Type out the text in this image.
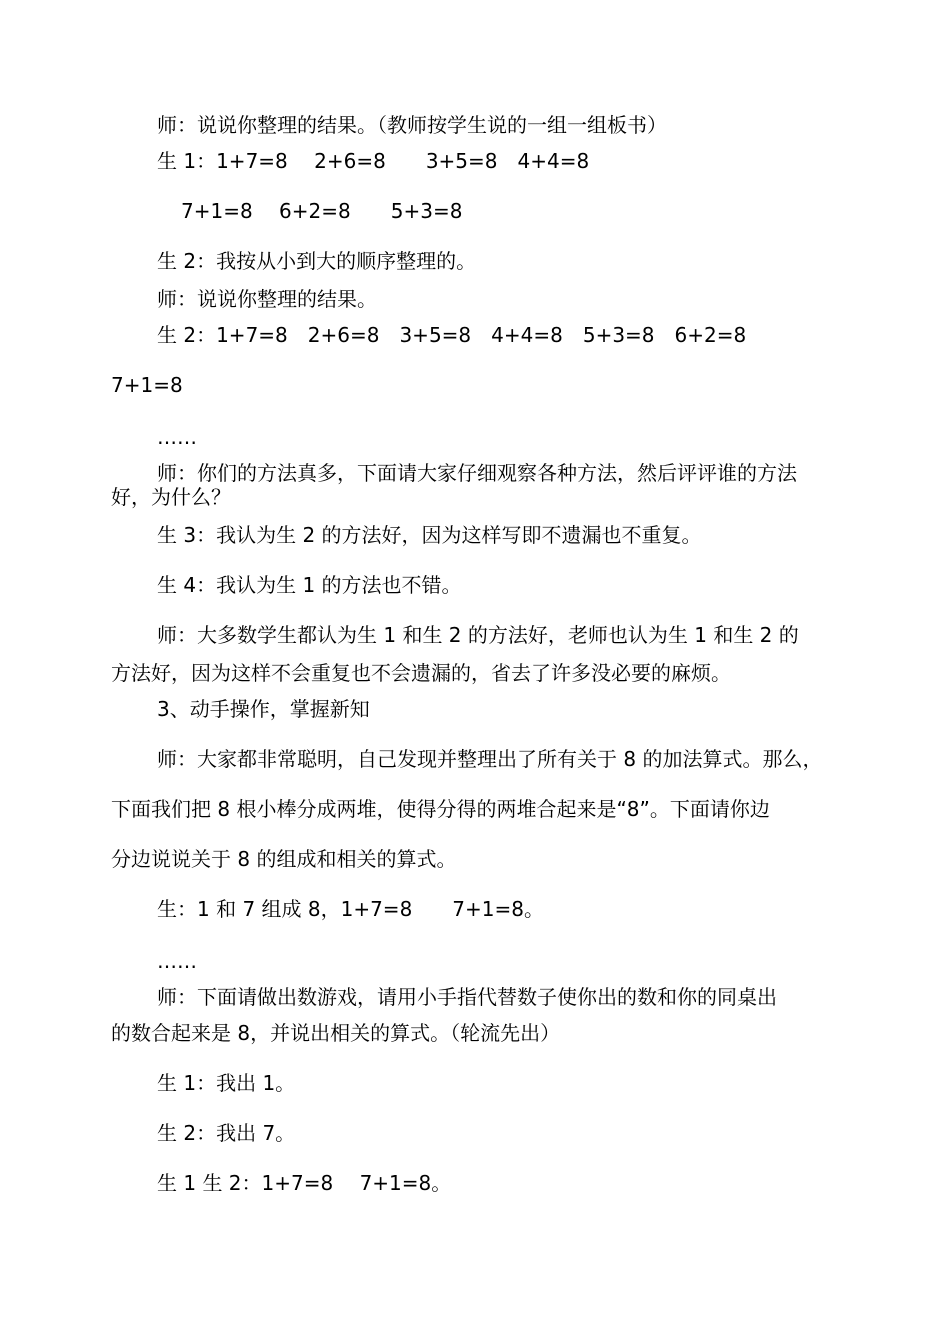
师：说说你整理的结果。（教师按学生说的一组一组板书）

生 1：1+7=8　 2+6=8　　3+5=8　4+4=8

7+1=8　 6+2=8　　5+3=8

生 2：我按从小到大的顺序整理的。

师：说说你整理的结果。

生 2：1+7=8　2+6=8　3+5=8　4+4=8　5+3=8　6+2=8

7+1=8

……

师：你们的方法真多，下面请大家仔细观察各种方法，然后评评谁的方法

好，为什么？

生 3：我认为生 2 的方法好，因为这样写即不遗漏也不重复。

生 4：我认为生 1 的方法也不错。

师：大多数学生都认为生 1 和生 2 的方法好，老师也认为生 1 和生 2 的

方法好，因为这样不会重复也不会遗漏的，省去了许多没必要的麻烦。

3、动手操作，掌握新知

师：大家都非常聪明，自己发现并整理出了所有关于 8 的加法算式。那么，

下面我们把 8 根小棒分成两堆，使得分得的两堆合起来是“8”。下面请你边

分边说说关于 8 的组成和相关的算式。

生：1 和 7 组成 8，1+7=8　　7+1=8。

……

师：下面请做出数游戏，请用小手指代替数子使你出的数和你的同桌出

的数合起来是 8，并说出相关的算式。（轮流先出）

生 1：我出 1。

生 2：我出 7。

生 1 生 2：1+7=8　 7+1=8。
